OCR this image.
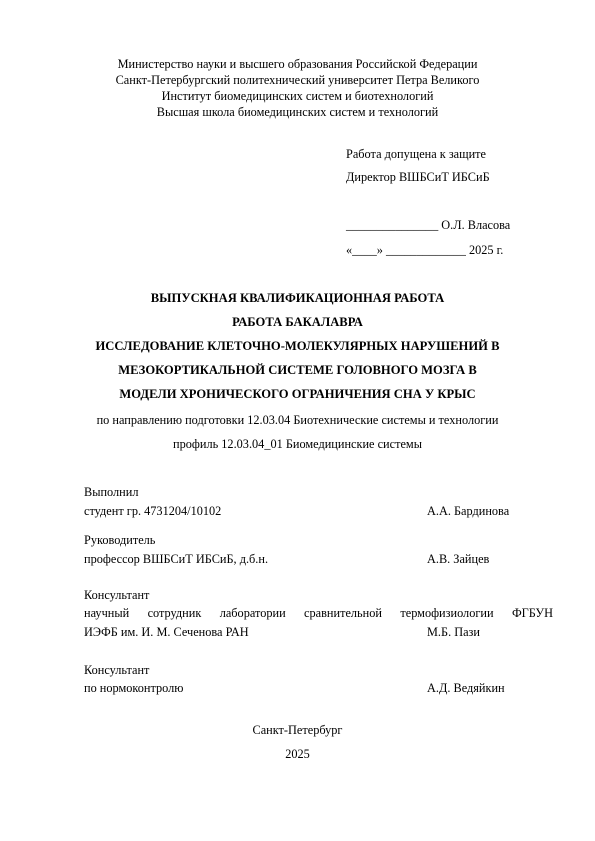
Министерство науки и высшего образования Российской Федерации
Санкт-Петербургский политехнический университет Петра Великого
Институт биомедицинских систем и биотехнологий
Высшая школа биомедицинских систем и технологий
Работа допущена к защите
Директор ВШБСиТ ИБСиБ
_______________ О.Л. Власова
«____» _____________ 2025 г.
ВЫПУСКНАЯ КВАЛИФИКАЦИОННАЯ РАБОТА
РАБОТА БАКАЛАВРА
ИССЛЕДОВАНИЕ КЛЕТОЧНО-МОЛЕКУЛЯРНЫХ НАРУШЕНИЙ В
МЕЗОКОРТИКАЛЬНОЙ СИСТЕМЕ ГОЛОВНОГО МОЗГА В
МОДЕЛИ ХРОНИЧЕСКОГО ОГРАНИЧЕНИЯ СНА У КРЫС
по направлению подготовки 12.03.04 Биотехнические системы и технологии
профиль 12.03.04_01 Биомедицинские системы
Выполнил
студент гр. 4731204/10102	А.А. Бардинова
Руководитель
профессор ВШБСиТ ИБСиБ, д.б.н.	А.В. Зайцев
Консультант
научный сотрудник лаборатории сравнительной термофизиологии ФГБУН
ИЭФБ им. И. М. Сеченова РАН	М.Б. Пази
Консультант
по нормоконтролю	А.Д. Ведяйкин
Санкт-Петербург
2025
